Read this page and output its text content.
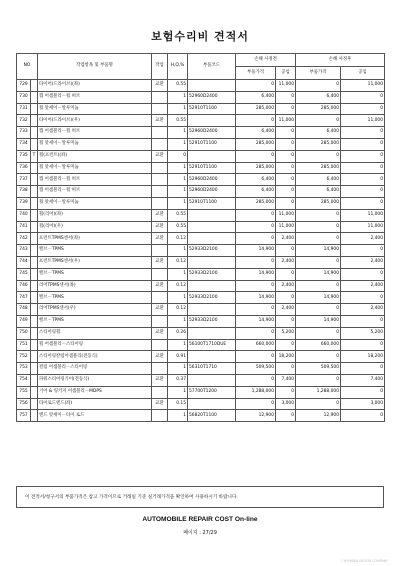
보험수리비 견적서
NO		작업항목 및 부품명	작업	H,Q,%	부품코드	손해 사정전		손해 사정후	
						부품가격	공임	부품가격	공임
729		타이어(드라이브)(좌)	교환	0.55		0	11,000	0	11,000
730		캡 어셈블리－휠 허브		1	52960D2400	6,400	0	6,400	0
731		휠 앗세이－알루미늄		1	52910T1100	285,000	0	285,000	0
732		타이어(드라이브)(우)	교환	0.55		0	11,000	0	11,000
733		캡 어셈블리－휠 허브		1	52960D2400	6,400	0	6,400	0
734		휠 앗세이－알루미늄		1	52910T1100	285,000	0	285,000	0
735	T	휠(프런트)(좌)	교환	0		0	0	0	0
736		휠 앗세이－알루미늄		1	52910T1100	285,000	0	285,000	0
737		캡 어셈블리－휠 허브		1	52960D2400	6,400	0	6,400	0
738		캡 어셈블리－휠 허브		1	52960D2400	6,400	0	6,400	0
739		휠 앗세이－알루미늄		1	52910T1100	285,000	0	285,000	0
740		휠(리어)(좌)	교환	0.55		0	11,000	0	11,000
741		휠(리어)(우)	교환	0.55		0	11,000	0	11,000
742		프런트TPMS센서(좌)	교환	0.12		0	2,400	0	2,400
743		밸브－TPMS		1	52933D2100	14,900	0	14,900	0
744		프런트TPMS센서(우)	교환	0.12		0	2,400	0	2,400
745		밸브－TPMS		1	52933D2100	14,900	0	14,900	0
746		리어TPMS센서(좌)	교환	0.12		0	2,400	0	2,400
747		밸브－TPMS		1	52933D2100	14,900	0	14,900	0
748		리어TPMS센서(우)	교환	0.12		0	2,400	0	2,400
749		밸브－TPMS		1	52933D2100	14,900	0	14,900	0
750		스티어링휠	교환	0.26		0	5,200	0	5,200
751		휠 어셈블리－스티어링		1	56100T1710DUE	660,000	0	660,000	0
752		스티어링칼럼어셈블리(전동식)	교환	0.91		0	18,200	0	18,200
753		컬럼 어셈블리－스티어링		1	56310T1710	509,500	0	509,500	0
754		파워스티어링기어(전동식)	교환	0.37		0	7,400	0	7,400
755		기어 & 링키지 어셈블리－MDPS		1	57700T1200	1,288,000	0	1,288,000	0
756		타이로드엔드(좌)	교환	0.15		0	3,000	0	3,000
757		엔드 앗세이－타이 로드		1	56820T1100	12,900	0	12,900	0
이 견적서/청구서의 부품가격은 참고 가격이므로 거래일 기준 실거래가격을 확인하여 사용하시기 바랍니다.
AUTOMOBILE REPAIR COST On-line
페이지 : 27/29
ⓒHYUNDAI MOTOR COMPANY
